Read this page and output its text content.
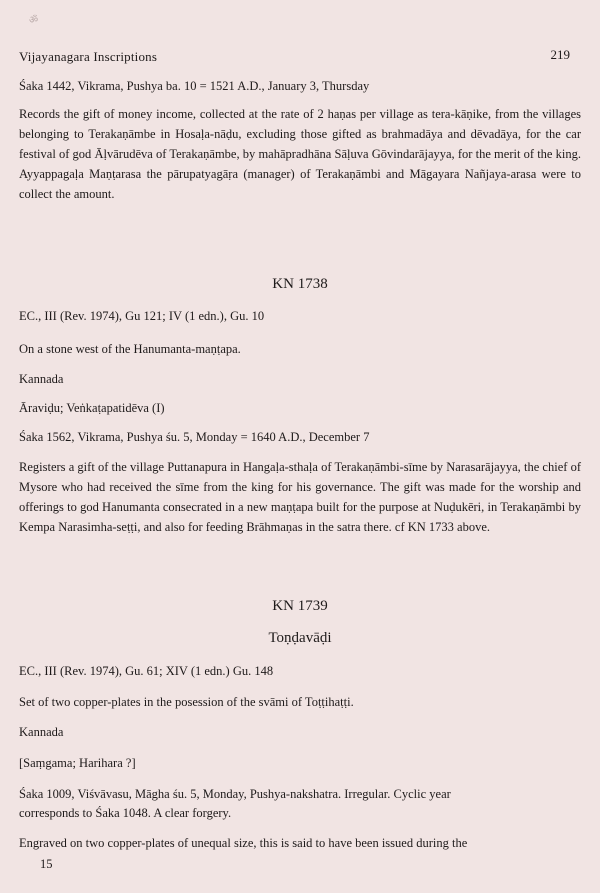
ॐ
Vijayanagara Inscriptions	219
Śaka 1442, Vikrama, Pushya ba. 10 = 1521 A.D., January 3, Thursday
Records the gift of money income, collected at the rate of 2 haṇas per village as tera-kāṇike, from the villages belonging to Terakaṇāmbe in Hosaḷa-nāḍu, excluding those gifted as brahmadāya and dēvadāya, for the car festival of god Āḷvārudēva of Terakaṇāmbe, by mahāpradhāna Sāḷuva Gōvindarājayya, for the merit of the king. Ayyappagaḷa Maṇṭarasa the pārupatyagāṛa (manager) of Terakaṇāmbi and Māgayara Nañjaya-arasa were to collect the amount.
KN 1738
EC., III (Rev. 1974), Gu 121; IV (1 edn.), Gu. 10
On a stone west of the Hanumanta-maṇṭapa.
Kannada
Āraviḍu; Veṅkaṭapatidēva (I)
Śaka 1562, Vikrama, Pushya śu. 5, Monday = 1640 A.D., December 7
Registers a gift of the village Puttanapura in Hangaḷa-sthaḷa of Terakaṇāmbi-sīme by Narasarājayya, the chief of Mysore who had received the sīme from the king for his governance. The gift was made for the worship and offerings to god Hanumanta consecrated in a new maṇṭapa built for the purpose at Nuḍukēri, in Terakaṇāmbi by Kempa Narasimha-seṭṭi, and also for feeding Brāhmaṇas in the satra there. cf KN 1733 above.
KN 1739
Toṇḍavāḍi
EC., III (Rev. 1974), Gu. 61; XIV (1 edn.) Gu. 148
Set of two copper-plates in the posession of the svāmi of Toṭṭihaṭṭi.
Kannada
[Saṃgama; Harihara ?]
Śaka 1009, Viśvāvasu, Māgha śu. 5, Monday, Pushya-nakshatra. Irregular. Cyclic year
corresponds to Śaka 1048. A clear forgery.
Engraved on two copper-plates of unequal size, this is said to have been issued during the
15
